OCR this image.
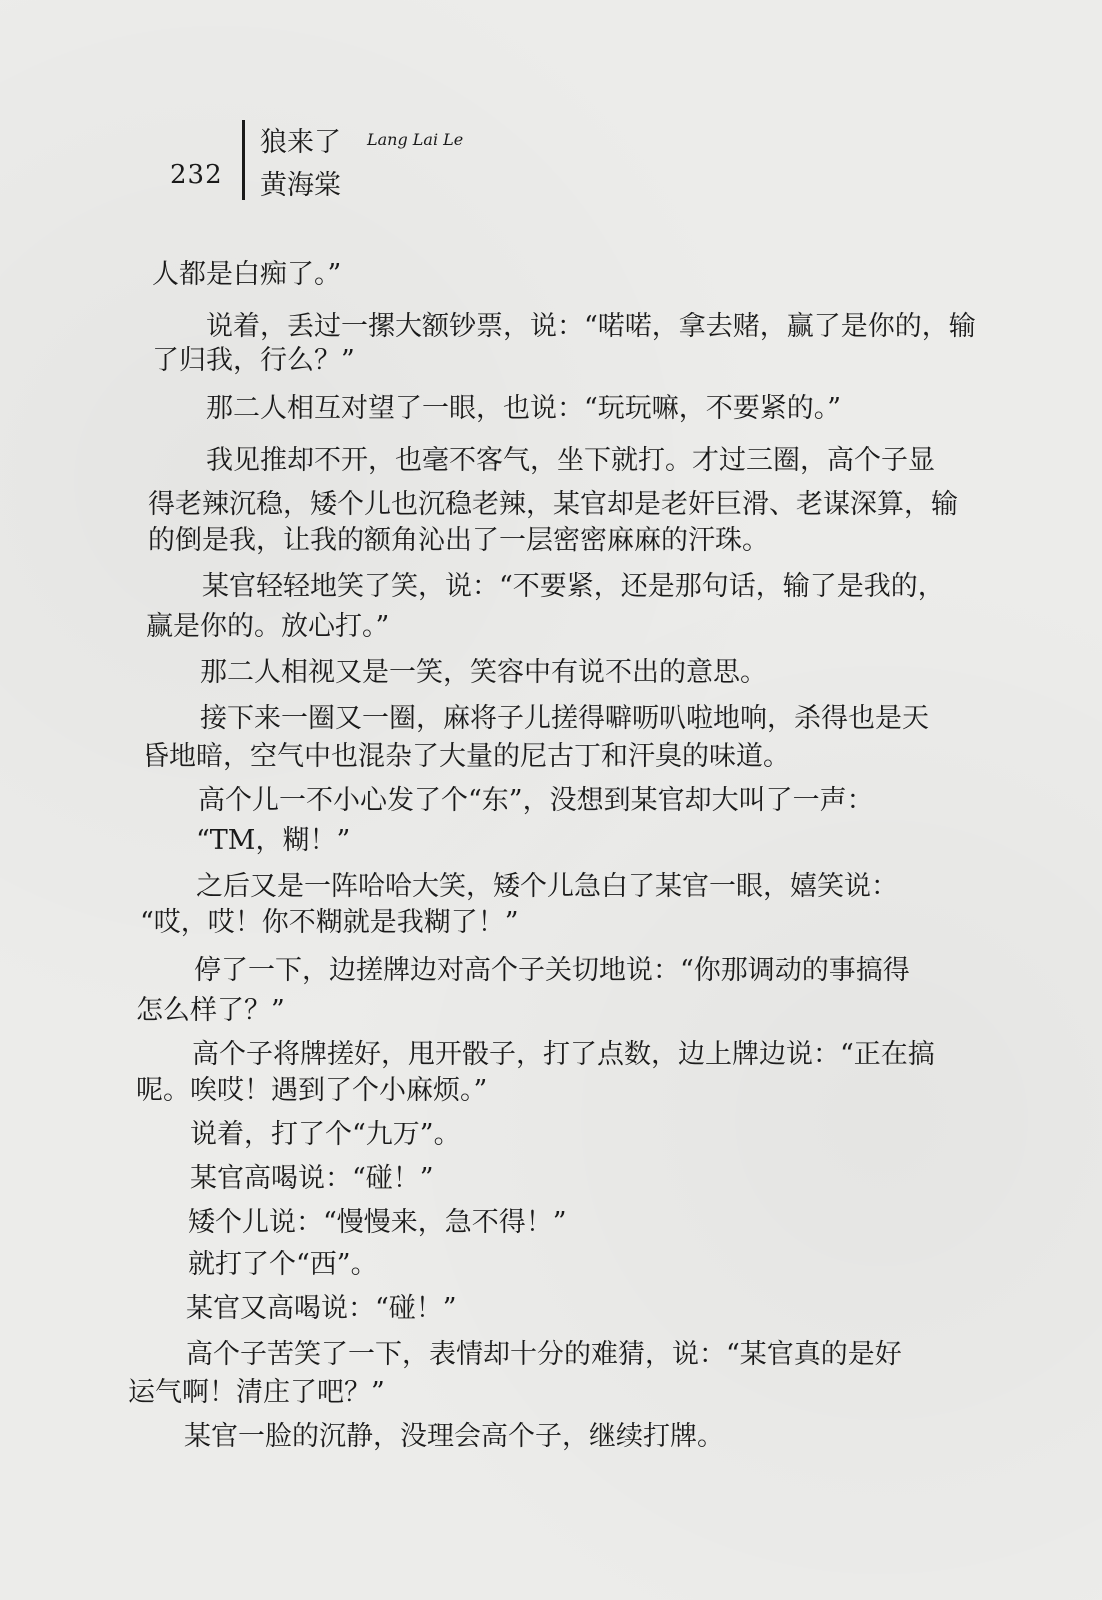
232
狼来了 Lang Lai Le
黄海棠
人都是白痴了。”
说着，丢过一摞大额钞票，说：“喏喏，拿去赌，赢了是你的，输
了归我，行么？”
那二人相互对望了一眼，也说：“玩玩嘛，不要紧的。”
我见推却不开，也毫不客气，坐下就打。才过三圈，高个子显
得老辣沉稳，矮个儿也沉稳老辣，某官却是老奸巨滑、老谋深算，输
的倒是我，让我的额角沁出了一层密密麻麻的汗珠。
某官轻轻地笑了笑，说：“不要紧，还是那句话，输了是我的，
赢是你的。放心打。”
那二人相视又是一笑，笑容中有说不出的意思。
接下来一圈又一圈，麻将子儿搓得噼呖叭啦地响，杀得也是天
昏地暗，空气中也混杂了大量的尼古丁和汗臭的味道。
高个儿一不小心发了个“东”，没想到某官却大叫了一声：
“TM，糊！”
之后又是一阵哈哈大笑，矮个儿急白了某官一眼，嬉笑说：
“哎，哎！你不糊就是我糊了！”
停了一下，边搓牌边对高个子关切地说：“你那调动的事搞得
怎么样了？”
高个子将牌搓好，甩开骰子，打了点数，边上牌边说：“正在搞
呢。唉哎！遇到了个小麻烦。”
说着，打了个“九万”。
某官高喝说：“碰！”
矮个儿说：“慢慢来，急不得！”
就打了个“西”。
某官又高喝说：“碰！”
高个子苦笑了一下，表情却十分的难猜，说：“某官真的是好
运气啊！清庄了吧？”
某官一脸的沉静，没理会高个子，继续打牌。
